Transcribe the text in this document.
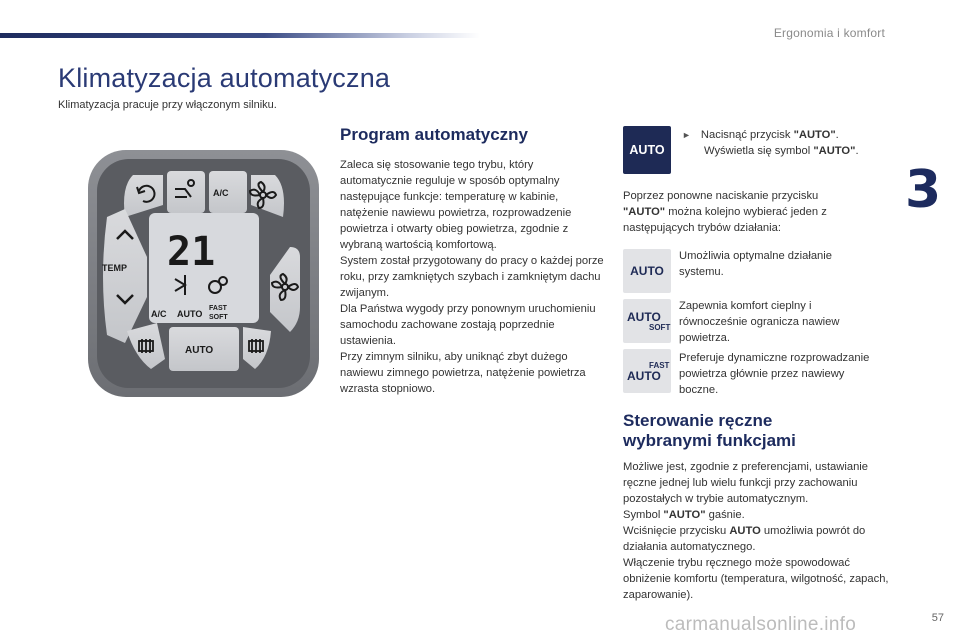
Ergonomia i komfort
3
Klimatyzacja automatyczna
Klimatyzacja pracuje przy włączonym silniku.
21
A/C AUTO
FAST
SOFT
TEMP
A/C
AUTO
Program automatyczny

Zaleca się stosowanie tego trybu, który automatycznie reguluje w sposób optymalny następujące funkcje: temperaturę w kabinie, natężenie nawiewu powietrza, rozprowadzenie powietrza i otwarty obieg powietrza, zgodnie z wybraną wartością komfortową.

System został przygotowany do pracy o każdej porze roku, przy zamkniętych szybach i zamkniętym dachu zwijanym.

Dla Państwa wygody przy ponownym uruchomieniu samochodu zachowane zostają poprzednie ustawienia.

Przy zimnym silniku, aby uniknąć zbyt dużego nawiewu zimnego powietrza, natężenie powietrza wzrasta stopniowo.

AUTO
► Nacisnąć przycisk "AUTO".
Wyświetla się symbol "AUTO".
Poprzez ponowne naciskanie przycisku
"AUTO" można kolejno wybierać jeden z następujących trybów działania:
AUTO
Umożliwia optymalne działanie systemu.
AUTO
SOFT
Zapewnia komfort cieplny i równocześnie ogranicza nawiew powietrza.
FAST
AUTO
Preferuje dynamiczne rozprowadzanie powietrza głównie przez nawiewy boczne.
Sterowanie ręczne
wybranymi funkcjami

Możliwe jest, zgodnie z preferencjami, ustawianie ręczne jednej lub wielu funkcji przy zachowaniu pozostałych w trybie automatycznym.

Symbol "AUTO" gaśnie.

Wciśnięcie przycisku AUTO umożliwia powrót do działania automatycznego.

Włączenie trybu ręcznego może spowodować obniżenie komfortu (temperatura, wilgotność, zapach, zaparowanie).

carmanualsonline.info	57
